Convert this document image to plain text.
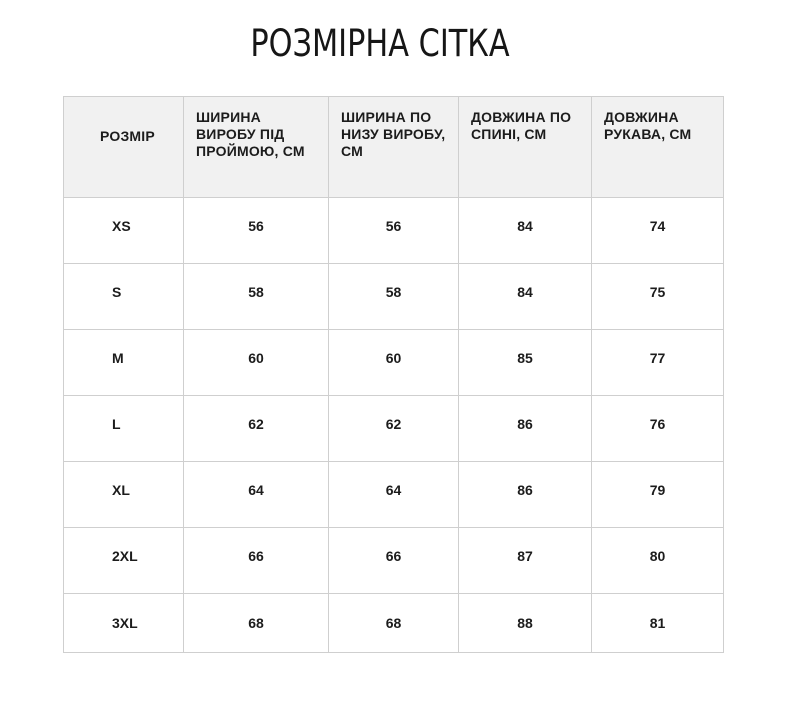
РОЗМІРНА СІТКА
РОЗМІР	ШИРИНА ВИРОБУ ПІД ПРОЙМОЮ, СМ	ШИРИНА ПО НИЗУ ВИРОБУ, СМ	ДОВЖИНА ПО СПИНІ, СМ	ДОВЖИНА РУКАВА, СМ
XS	56	56	84	74
S	58	58	84	75
M	60	60	85	77
L	62	62	86	76
XL	64	64	86	79
2XL	66	66	87	80
3XL	68	68	88	81
